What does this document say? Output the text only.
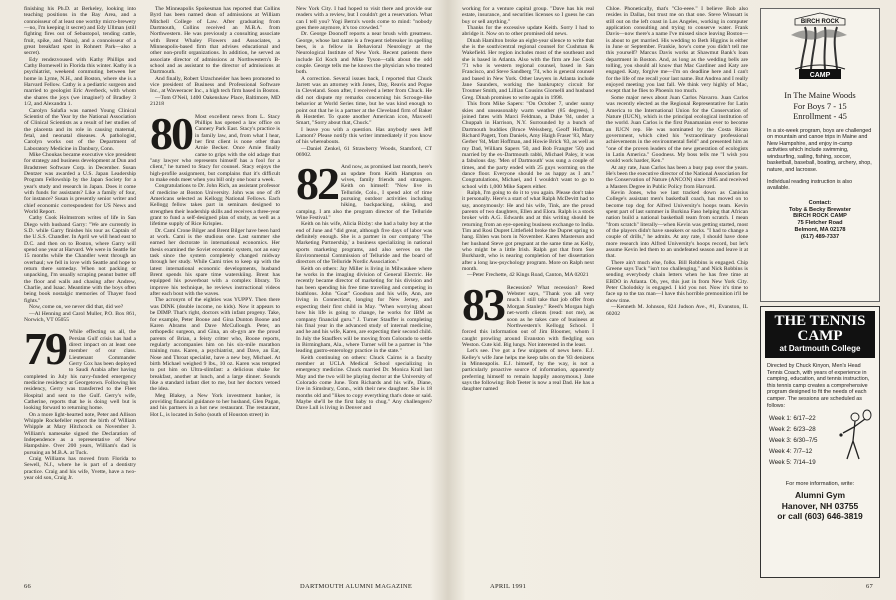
finishing his Ph.D. at Berkeley, looking into teaching positions in the Bay Area, and a connoisseur of at least one worthy micro-brewery—no, I'm keeping it secret) and Edy Ullman (still fighting fires out of Sebastopol, tending cattle, fruit, spike, and Nana), and a connoisseur of a great breakfast spot in Rohnert Park—also a secret).

Edy rendezvoused with Kathy Phillips and Cathy Bornewell in Florida this winter. Kathy is a psychiatrist, weekend commuting between her home in Lyme, N.H., and Boston, where she is a Harvard Fellow. Cathy is a pediatric surgeon and married to geologist Eric Averbeck, with whom she shares the joys (we imagine!) of Bradley 3 1/2, and Alexandra 1.

Carolyn Salafia was named Young Clinical Scientist of the Year by the National Association of Clinical Scientists as a result of her studies of the placenta and its role in causing maternal, fetal, and neonatal diseases. A pathologist, Carolyn works out of the Department of Laboratory Medicine in Danbury, Conn.

Mike Choukas became executive vice president for strategy and business development at Dun and Bradstreet Software Corp. in December. Susan Dentzer was awarded a U.S. Japan Leadership Program Fellowship by the Japan Society for a year's study and research in Japan. Does it come with funds for assistants? Like a family of four, for instance? Susan is presently senior writer and chief economic correspondent for US News and World Report.

Cathy Cook Holmstrom writes of life in San Diego with husband Garry: "We are currently in S.D. while Garry finishes his tour as Captain of the U.S.S. Chandler. In April we will head east to D.C. and then on to Boston, where Garry will spend one year at Harvard. We were in Seattle for 15 months while the Chandler went through an overhaul; we fell in love with Seattle and hope to return there someday. When not packing or unpacking, I'm usually scraping peanut butter off the floor and walls and chasing after Andrew, Charlie, and Isaac. Meantime with the boys often being book nostalgic memories of Thayer food fights."

Now, come on, we never did that, did we?

—Al Henning and Carol Muller, P.O. Box 861, Norwich, VT 05055

79 While effecting us all, the Persian Gulf crisis has had a direct impact on at least one member of our class. Lieutenant Commander Gerry Cox has been deployed to Saudi Arabia after having completed in July his navy-funded emergency medicine residency at Georgetown. Following his residency, Gerry was transferred to the Fleet Hospital and sent to the Gulf. Gerry's wife, Catherine, reports that he is doing well but is looking forward to returning home.

On a more light-hearted note, Peter and Allison Whipple Rockefeller report the birth of William Whipple at Mary Hitchcock on November 3. William's namesake signed the Declaration of Independence as a representative of New Hampshire. Over 200 years, William's dad is pursuing an M.B.A. at Tuck.

Craig Williams has moved from Florida to Sewell, N.J., where he is part of a dentistry practice. Craig and his wife, Yvette, have a two-year old son, Craig Jr.

The Minneapolis Spokesman has reported that Collins Byrd has been named dean of admissions at William Mitchell College of Law. After graduating from Dartmouth, Collins received an M.B.A. from Northwestern. He was previously a consulting associate with Brent Whaley Flowers and Associates, a Minneapolis-based firm that advises educational and other non-profit organizations. In addition, he served as associate director of admissions at Northwestern's B-school and as assistant to the director of admissions at Dartmouth.

And finally, Robert Utzschneider has been promoted to vice president of Business and Professional Software Inc., at Waveeracer Inc., a high tech firm based in Boston.

—Tom O'Neil, 1400 Oakenshaw Place, Baltimore, MD 21218

80 Most excellent news from L. Stacy Phillips has opened a law office on Cannery Park East. Stacy's practice is in family law, and, from what I hear, her first client is none other than Arnie Becker. Once Arnie finally came to grips with the old adage that "any lawyer who represents himself has a fool for a client," he turned to Stacy for counsel. Stacy enjoys the high-profile assignment, but complains that it's difficult to make ends meet when you bill only one hour a week.

Congratulations to Dr. John Rich, an assistant professor of medicine at Boston University. John was one of 49 Americans selected as Kellogg National Fellows. Each Kellogg fellow takes part in seminars designed to strengthen their leadership skills and receives a three-year grant to fund a self-designed plan of study, as well as a lifetime supply of Rice Krispies.

Dr. Cami Crone Bilger and Brent Bilger have been hard at work. Cami is the studious one. Last summer she earned her doctorate in international economics. Her thesis examined the Soviet economic system, not an easy task since the system completely changed midway through her study. While Cami tries to keep up with the latest international economic developments, husband Brent spends his spare time waterskiing. Brent has equipped his powerboat with a complex library. To improve his technique, he reviews instructional videos after each bout with the waves.

The acronym of the eighties was YUPPY. Then there was DINK (double income, no kids). Now it appears to be DIMP. That's right, doctors with infant progeny. Take, for example, Peter Boone and Gina Dunton Boone and Karen Abrams and Dave McCullough. Peter, an orthopedic surgeon, and Gina, an ob-gyn are the proud parents of Brian, a feisty critter who, Boone reports, regularly accompanies him on his six-mile marathon training runs. Karen, a psychiatrist, and Dave, an Ear, Nose and Throat specialist, have a new boy, Michael. At birth Michael weighed 9 lbs., 10 oz. Karen was tempted to put him on Ultra-slimfast: a delicious shake for breakfast, another at lunch, and a large dinner. Sounds like a standard infant diet to me, but her doctors vetoed the idea.

Meg Blakey, a New York investment banker, is providing financial guidance to her husband, Glen Pagan, and his partners in a hot new restaurant. The restaurant, Hot L, is located in Soho (south of Houston street) in

New York City. I had hoped to visit there and provide our readers with a review, but I couldn't get a reservation. What can I tell you? Yogi Berra's words come to mind: "nobody goes there anymore, it's too crowded."

Dr. George Doonoff reports a near brush with greatness. George, whose last name is a frequent tiebreaker in spelling bees, is a fellow in Behavioral Neurology at the Neurological Institute of New York. Recent patients there include Ed Koch and Mike Tyson—talk about the odd couple. George tells me he knows the physician who treated both.

A correction. Several issues back, I reported that Chuck Jarrett was an attorney with Jones, Day, Reavis and Pogue in Cleveland. Soon after, I received a letter from Chuck. He did not dispute my remarks concerning his Scrooge-like behavior at World Series time, but he was kind enough to point out that he is a partner at the Cleveland firm of Baker & Hostetler. To quote another American icon, Maxwell Smart, "Sorry about that, Chuck."

I leave you with a question. Has anybody seen Jeff Lamont? Please notify this writer immediately if you know of his whereabouts.

—Daniel Zenkel, 61 Strawberry Woods, Stamford, CT 06902.

82 And now, as promised last month, here's an update from Keith Hampton on wives, family friends and strangers. Keith on himself: "Now live in Telluride, Colo., I spend alot of time pursuing outdoor activities including hiking, backpacking, skiing, and camping. I am also the program director of the Telluride Wine Festival."

Keith on his wife, Alicia Bixby: she had a baby boy at the end of June and "did great, although five days of labor was definitely enough. She is a partner in our company 'The Marketing Partnership,' a business specializing in national sports marketing programs, and also serves on the Environmental Commission of Telluride and the board of directors of the Telluride Nordic Association."

Keith on others: Jay Miller is living in Milwaukee where he works in the imaging division of General Electric. He recently became director of marketing for his division and has been spending his free time traveling and competing in biathlons. John "Goat" Goodson and his wife, Ann, are living in Connecticut, longing for New Jersey, and expecting their first child in May. "When worrying about how his life is going to change, he works for IBM as company financial guru." J. Turner Stauffer is completing his final year in the advanced study of internal medicine, and he and his wife, Karen, are expecting their second child. In July the Stauffers will be moving from Colorado to settle in Birmingham, Ala., where Turner will be a partner in "the leading gastro-enterology practice in the state."

Keith continuing on others: Chuck Cairns is a faculty member at UCLA Medical School specializing in emergency medicine. Chuck married Dr. Monica Krall last May and the two will be playing doctor at the University of Colorado come June. Tom Richards and his wife, Diane, live in Simsbury, Conn., with their new daughter. She is 18 months old and "likes to copy everything that's done or said. Maybe she'll be the first baby to chug." Any challengers? Dave Lull is living in Denver and

working for a venture capital group. "Dave has his real estate, insurance, and securities licenses so I guess he can buy or sell anything."

Thanks for the excessive update Keith. Sorry I had to abridge it. Now on to other promised old news.

Dinah Hamilton broke an eight-year silence to write that she is the south/central regional counsel for Cushman & Wakefield. Her region includes most of the southeast and she is based in Atlanta. Also with the firm are Joe Cook '71 who is western regional counsel, based in San Francisco, and Steve Sandberg '74, who is general counsel and based in New York. Other lawyers in Atlanta include Jane Saunders, working the bankruptcy circuit for Troutner Smith, and Lillian Cousins Giornelli and husband Greg. Dinah promises to write again in 1998.

This from Mike Sapers: "On October 7, under sunny skies and unseasonably warm weather (85 degrees), I joined fates with Marci Feldman, a Duke '84, under a Chuppah in Harrison, N.Y. Surrounded by a bunch of Dartmouth buddies (Bruce Weissberg, Geoff Hoffman, Richard Pagett, Tom Daniels, Amy Haigh Fraser '83, Mary Gerber '84, Matt Hoffman, and Howie Brick '83, as well as my Dad, William Sapers '50, and Bob Frangter '50) and married by the ex-Dartmouth rabbi, Michael Paley, it was a fabulous day. 'Men of Dartmouth' was sung a couple of times, and the party ended with 25 guys worming on the dance floor. Everyone should be as happy as I am." Congratulations, Michael, and I wouldn't want to go to school with 1,000 Mike Sapers either.

Ralph, I'm going to do it to you again. Please don't take it personally. Here's a start of what Ralph McDevitt had to say, anonymously: He and his wife, Tink, are the proud parents of two daughters, Ellen and Elora. Ralph is a stock broker with A.G. Edwards and at this writing should be returning from an eye-opening business exchange to India. Tim and Rosi Dupret Littlefield broke the Dupret spring to hang. Ehlen was born in November. Karen Masterson and her husband Steve got pregnant at the same time as Kelly, who might be a little Irish. Ralph got that from Sue Burkhardt, who is nearing completion of her dissertation after a long law-psychology program. More on Ralph next month.

—Peter Frechette, 42 Kings Road, Canton, MA 02021

83 Recession? What recession? Reed Webster says, "Thank you all very much. I still take that job offer from Morgan Stanley." Reed's Morgan high net-worth clients (read: not me), as soon as he takes care of business at Northwestern's Kellogg School. I forced this information out of Jim Bloomer, whom I caught prowling around Evanston with fledgling son Weston. Cute kid. Big lungs. Not interested in the least.

Let's see. I've got a few snippets of news here. E.J. Kelley's wife Jane helps me keep tabs on the '83 denizens in Minneapolis. E.J. himself, by the way, is not a particularly proactive source of information, apparently preferring himself to remain happily anonymous.) Jane says the following: Bob Teeter is now a real Dad. He has a daughter named

Chloe. Phonetically, that's "Clo-eeee." I believe Bob also resides in Dallas, but trust me on that one. Steve Winssatt is still out on the left coast in Los Angeles, working in computer application consulting and trying to conserve water. Frank Davis—now there's a name I've missed since leaving Boston—is about to get married. His wedding to Beth Higgins is either in June or September. Frankie, how's come you didn't tell me this yourself? Marcus Davis works at Shawmut Bank's loan department in Boston. And, as long as the wedding bells are tolling, you should all know that Mac Gardiner and Katy are engaged. Katy, forgive me—I'm on deadline here and I can't for the life of me recall your last name. But Andrea and I really enjoyed meeting you last fall. We think very highly of Mac, except that he flies to Phoenix too much.

Some major news about Juan Carlos Navarro. Juan Carlos was recently elected as the Regional Representative for Latin America to the International Union for the Conservation of Nature (IUCN), which is the principal ecological institution of the world. Juan Carlos is the first Panamanian ever to become an IUCN rep. He was nominated by the Costa Rican government, which cited his "extraordinary professional achievements in the environmental field" and presented him as "one of the proven leaders of the new generation of ecologists in Latin America." Goodness. My boss tells me "I wish you would work harder, Ken."

At any rate, Juan Carlos has been a busy pup over the years. He's been the executive director of the National Association for the Conservation of Nature (ANCON) since 1985 and received a Masters Degree in Public Policy from Harvard.

Kevin Jones, who we last tracked down as Canisius College's assistant men's basketball coach, has moved on to become top dog for Alfred University's hoops team. Kevin spent part of last summer in Burkina Faso helping that African nation build a national basketball team from scratch. I mean "from scratch" literally—when Kevin was getting started, most of the players didn't have sneakers or socks. "I had to change a couple of drills," he admits. At any rate, I should have done more research into Alfred University's hoops record, but let's assume Kevin led them to an undefeated season and leave it at that.

There ain't much else, folks. Bill Robbins is engaged. Chip Greene says Tuck "isn't too challenging," and Nick Robbins is sending everybody chain letters when he has free time at EBDO in Atlanta. Oh, yes, this just in from New York City. Peter Cholodsky is engaged. I kid you not. Now it's time to face up to the tax man—I have this horrible premonition it'll be show time.

—Kenneth M. Johnson, 824 Judson Ave., #1, Evanston, IL 60202

BIRCH ROCK
CAMP
In The Maine Woods
For Boys 7 - 15
Enrollment - 45
In a six-week program, boys are challenged on mountain and canoe trips in Maine and New Hampshire, and enjoy in-camp activities which include swimming, windsurfing, sailing, fishing, soccer, basketball, baseball, boating, archery, shop, nature, and lacrosse.
Individual reading instruction is also available.
Contact:
Toby & Becky Brewster
BIRCH ROCK CAMP
75 Fletcher Road
Belmont, MA 02178
(617) 489-7337
THE TENNIS
CAMP
at Dartmouth College
Directed by Chuck Kinyon, Men's Head Tennis Coach, with years of experience in camping, education, and tennis instruction, this tennis camp creates a comprehensive program designed to fit the needs of each camper. The sessions are scheduled as follows:
Week 1: 6/17–22
Week 2: 6/23–28
Week 3: 6/30–7/5
Week 4: 7/7–12
Week 5: 7/14–19
For more information, write:
Alumni Gym
Hanover, NH 03755
or call (603) 646-3819
66	DARTMOUTH ALUMNI MAGAZINE	APRIL 1991	67
